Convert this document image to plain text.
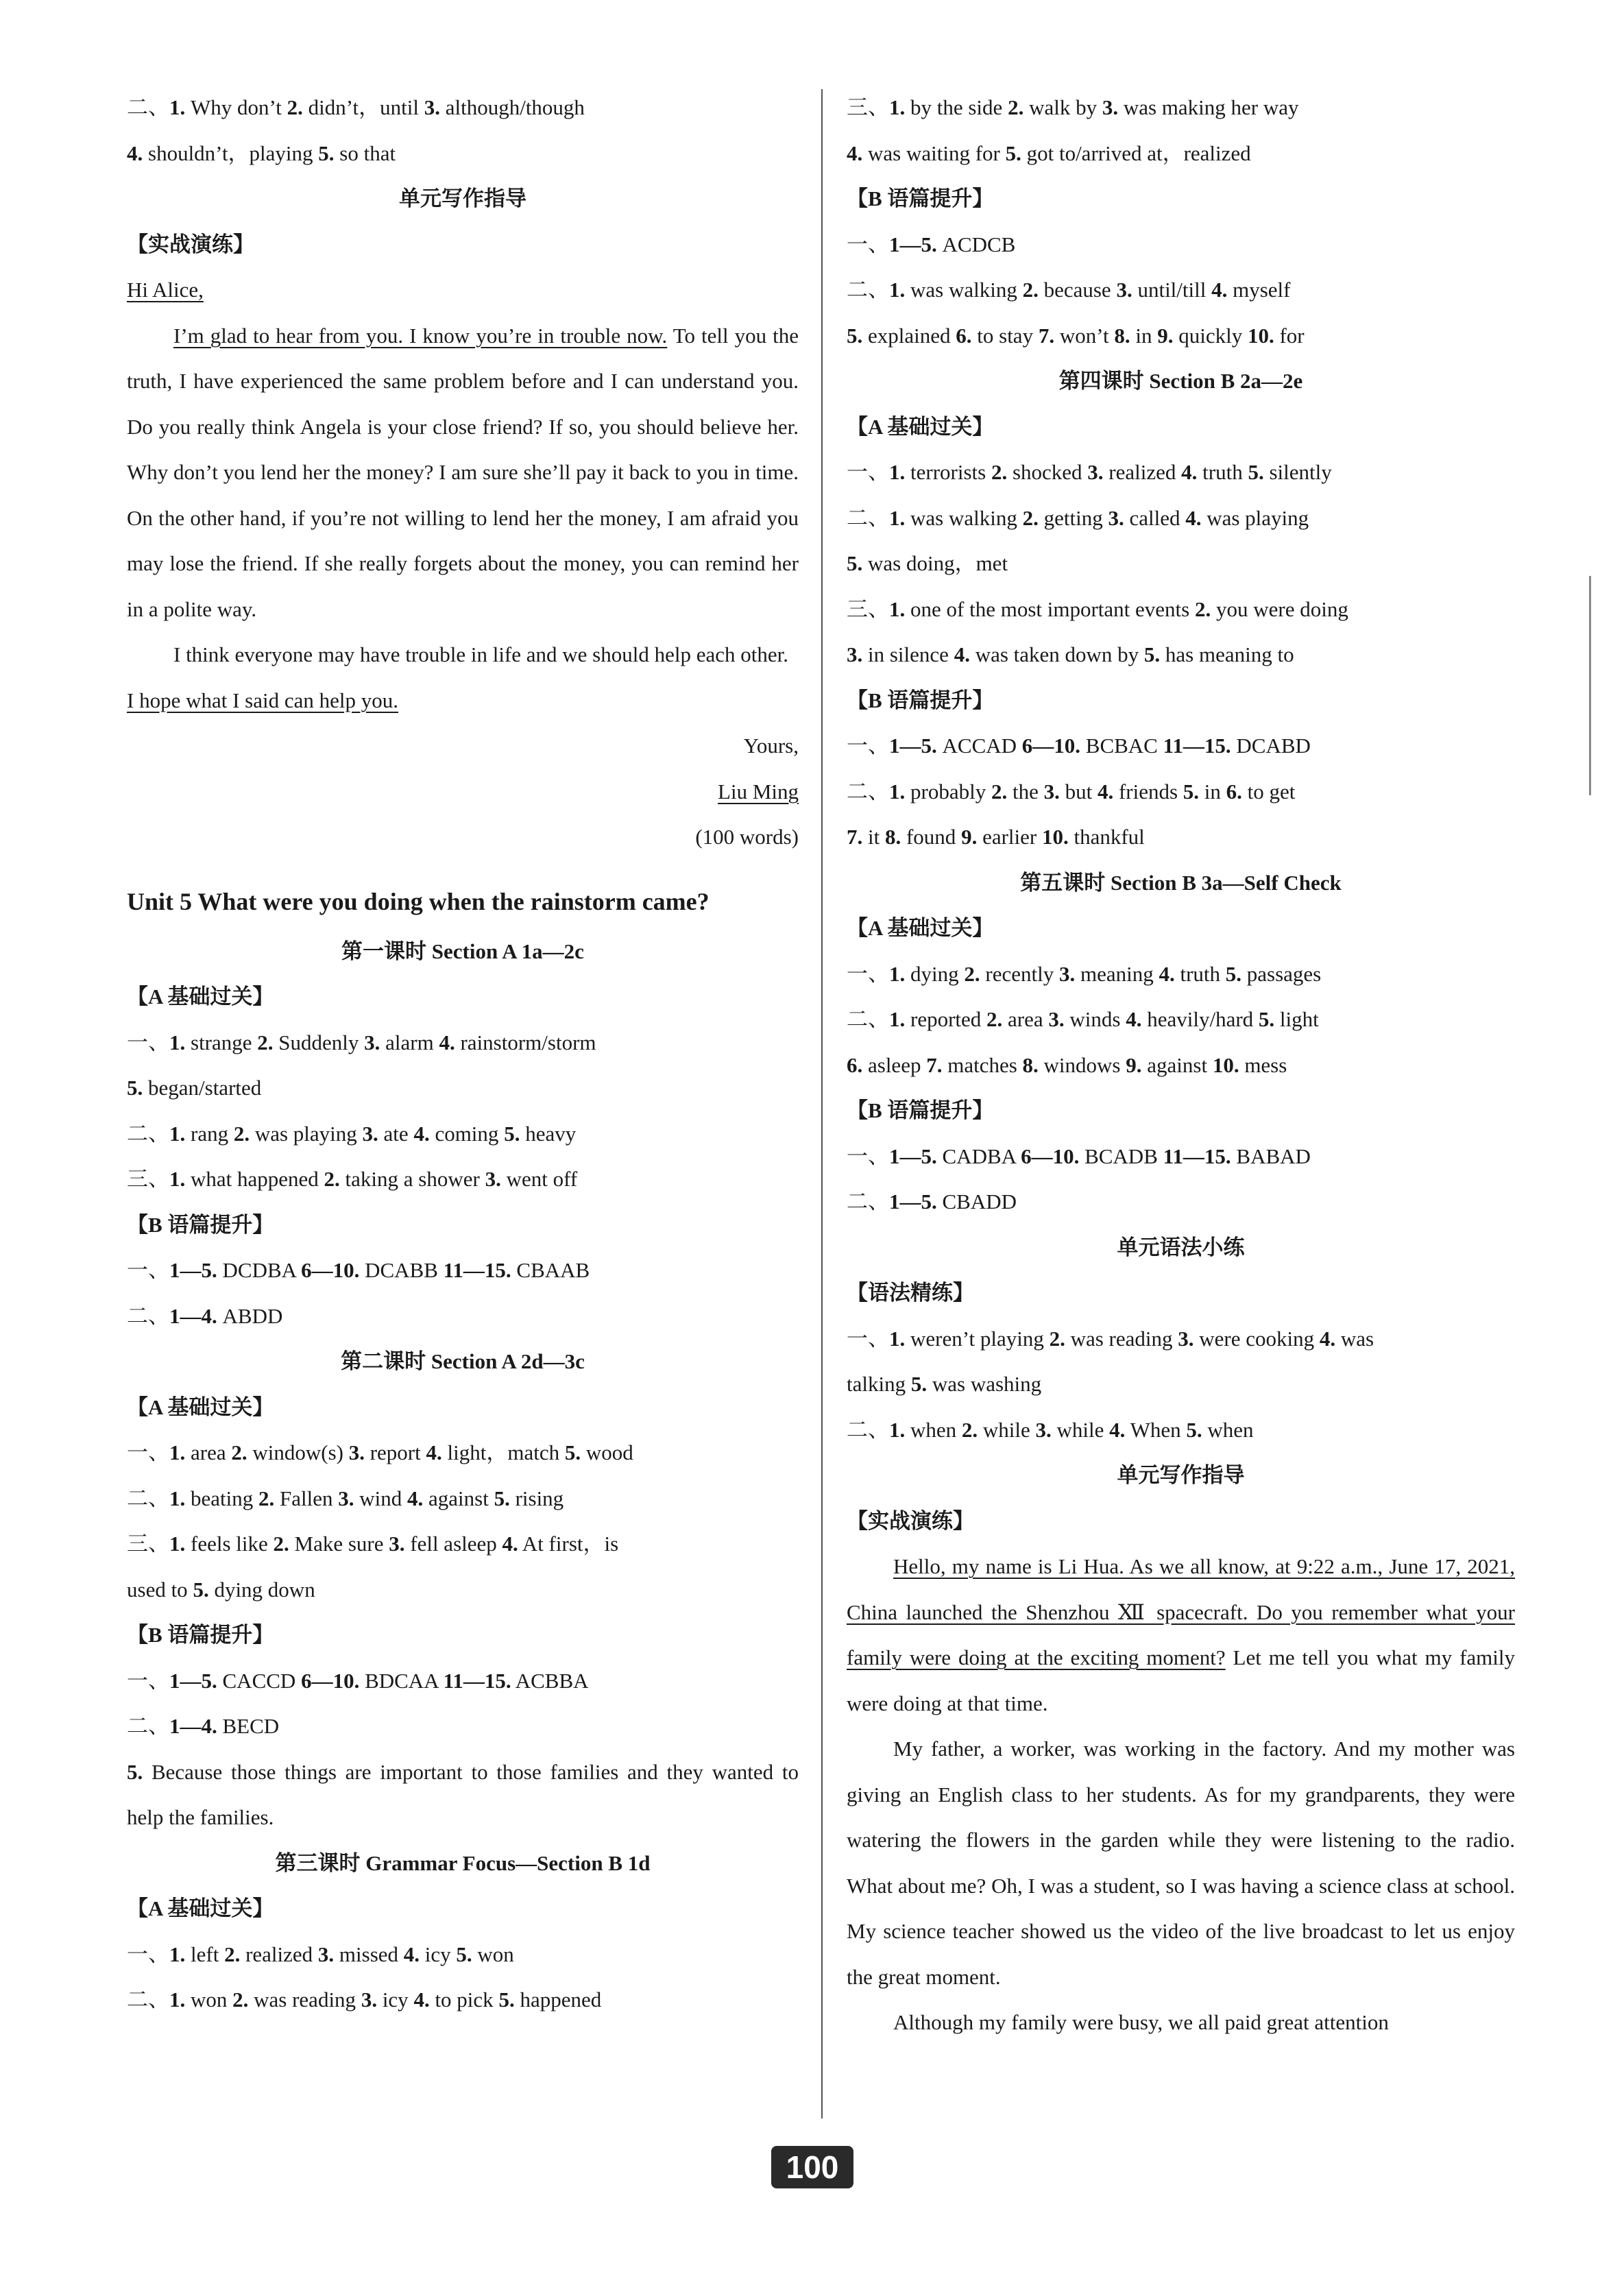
二、1. Why don’t 2. didn’t，until 3. although/though
4. shouldn’t，playing 5. so that
单元写作指导
【实战演练】
Hi Alice,
I’m glad to hear from you. I know you’re in trouble now. To tell you the truth, I have experienced the same problem before and I can understand you. Do you really think Angela is your close friend? If so, you should believe her. Why don’t you lend her the money? I am sure she’ll pay it back to you in time. On the other hand, if you’re not willing to lend her the money, I am afraid you may lose the friend. If she really forgets about the money, you can remind her in a polite way.
I think everyone may have trouble in life and we should help each other.
I hope what I said can help you.
Yours,
Liu Ming
(100 words)
Unit 5 What were you doing when the rainstorm came?
第一课时 Section A 1a—2c
【A 基础过关】
一、1. strange 2. Suddenly 3. alarm 4. rainstorm/storm
5. began/started
二、1. rang 2. was playing 3. ate 4. coming 5. heavy
三、1. what happened 2. taking a shower 3. went off
【B 语篇提升】
一、1—5. DCDBA 6—10. DCABB 11—15. CBAAB
二、1—4. ABDD
第二课时 Section A 2d—3c
【A 基础过关】
一、1. area 2. window(s) 3. report 4. light，match 5. wood
二、1. beating 2. Fallen 3. wind 4. against 5. rising
三、1. feels like 2. Make sure 3. fell asleep 4. At first，is
used to 5. dying down
【B 语篇提升】
一、1—5. CACCD 6—10. BDCAA 11—15. ACBBA
二、1—4. BECD
5. Because those things are important to those families and they wanted to help the families.
第三课时 Grammar Focus—Section B 1d
【A 基础过关】
一、1. left 2. realized 3. missed 4. icy 5. won
二、1. won 2. was reading 3. icy 4. to pick 5. happened
三、1. by the side 2. walk by 3. was making her way
4. was waiting for 5. got to/arrived at，realized
【B 语篇提升】
一、1—5. ACDCB
二、1. was walking 2. because 3. until/till 4. myself
5. explained 6. to stay 7. won’t 8. in 9. quickly 10. for
第四课时 Section B 2a—2e
【A 基础过关】
一、1. terrorists 2. shocked 3. realized 4. truth 5. silently
二、1. was walking 2. getting 3. called 4. was playing
5. was doing，met
三、1. one of the most important events 2. you were doing
3. in silence 4. was taken down by 5. has meaning to
【B 语篇提升】
一、1—5. ACCAD 6—10. BCBAC 11—15. DCABD
二、1. probably 2. the 3. but 4. friends 5. in 6. to get
7. it 8. found 9. earlier 10. thankful
第五课时 Section B 3a—Self Check
【A 基础过关】
一、1. dying 2. recently 3. meaning 4. truth 5. passages
二、1. reported 2. area 3. winds 4. heavily/hard 5. light
6. asleep 7. matches 8. windows 9. against 10. mess
【B 语篇提升】
一、1—5. CADBA 6—10. BCADB 11—15. BABAD
二、1—5. CBADD
单元语法小练
【语法精练】
一、1. weren’t playing 2. was reading 3. were cooking 4. was
talking 5. was washing
二、1. when 2. while 3. while 4. When 5. when
单元写作指导
【实战演练】
Hello, my name is Li Hua. As we all know, at 9:22 a.m., June 17, 2021, China launched the Shenzhou Ⅻ spacecraft. Do you remember what your family were doing at the exciting moment? Let me tell you what my family were doing at that time.
My father, a worker, was working in the factory. And my mother was giving an English class to her students. As for my grandparents, they were watering the flowers in the garden while they were listening to the radio. What about me? Oh, I was a student, so I was having a science class at school. My science teacher showed us the video of the live broadcast to let us enjoy the great moment.
Although my family were busy, we all paid great attention
100
